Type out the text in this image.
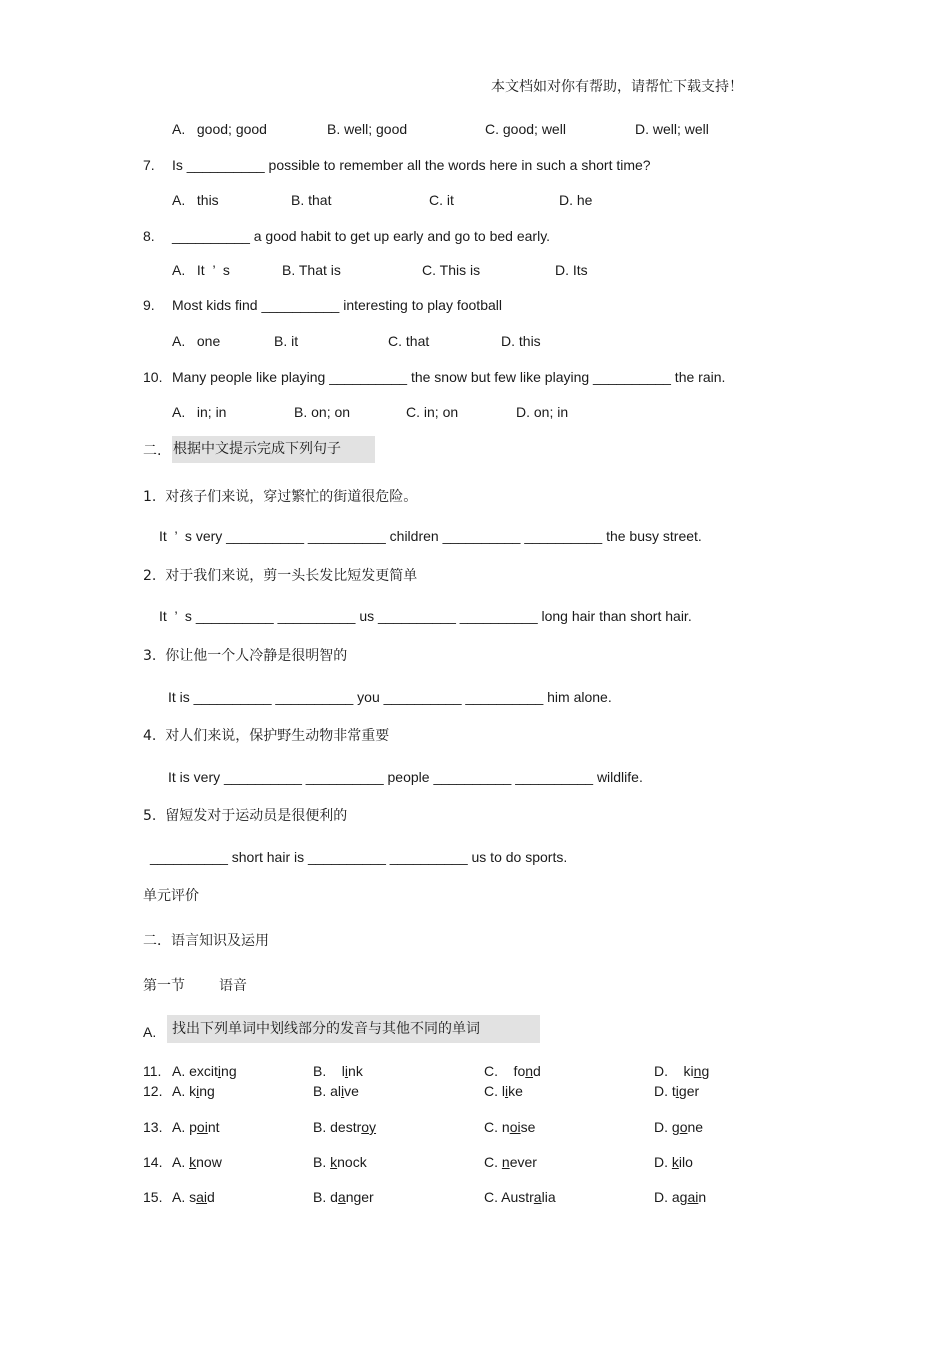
本文档如对你有帮助，请帮忙下载支持！
A.   good; good	B. well; good	C. good; well	D. well; well
7. Is __________ possible to remember all the words here in such a short time?
A.   this	B. that	C. it	D. he
8. __________ a good habit to get up early and go to bed early.
A.   It  ’  s	B. That is	C. This is	D. Its
9. Most kids find __________ interesting to play football
A.   one	B. it	C. that	D. this
10. Many people like playing __________ the snow but few like playing __________ the rain.
A.   in; in	B. on; on	C. in; on	D. on; in
二. 根据中文提示完成下列句子
1.  对孩子们来说，穿过繁忙的街道很危险。
It  ’  s very __________ __________ children __________ __________ the busy street.
2.  对于我们来说，剪一头长发比短发更简单
It  ’  s __________ __________ us __________ __________ long hair than short hair.
3.  你让他一个人冷静是很明智的
It is __________ __________ you __________ __________ him alone.
4.  对人们来说，保护野生动物非常重要
It is very __________ __________ people __________ __________ wildlife.
5.  留短发对于运动员是很便利的
__________ short hair is __________ __________ us to do sports.
单元评价
二．语言知识及运用
第一节 语音
A.	找出下列单词中划线部分的发音与其他不同的单词
11. A. exciting	B.    link	C.    fond	D.    king
12. A. king	B. alive	C. like	D. tiger
13. A. point	B. destroy	C. noise	D. gone
14. A. know	B. knock	C. never	D. kilo
15. A. said	B. danger	C. Australia	D. again
